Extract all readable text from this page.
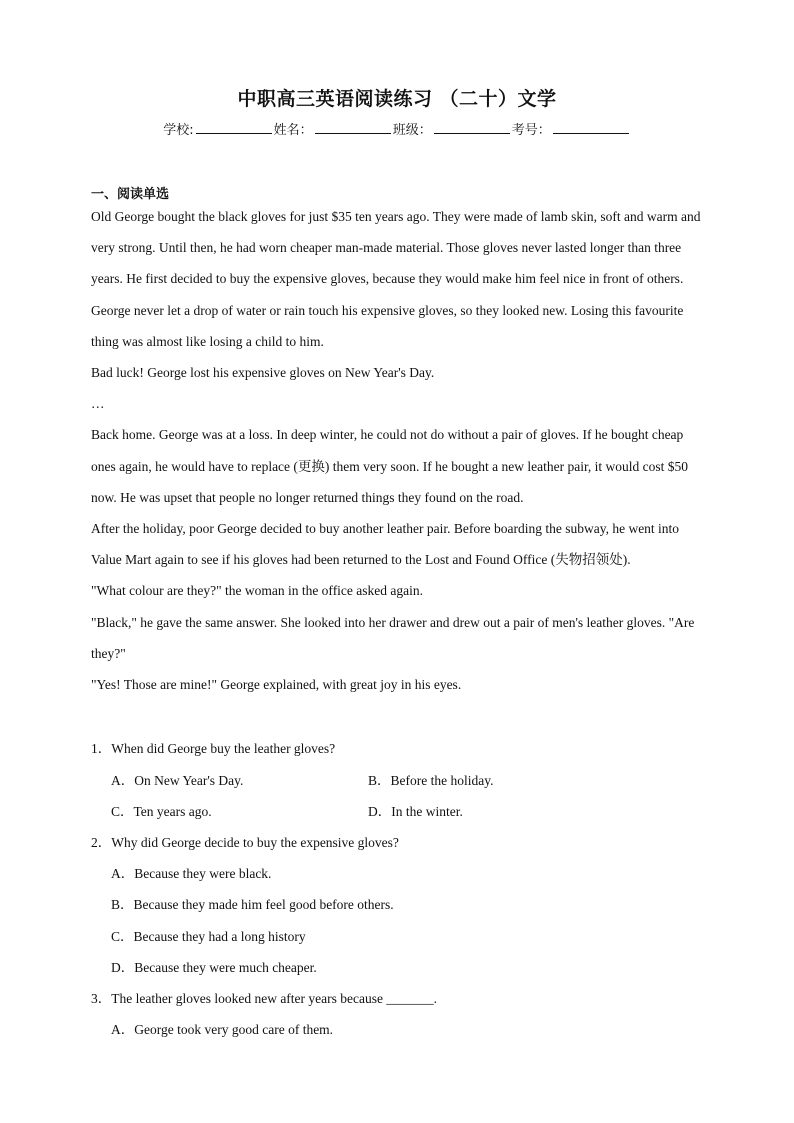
中职高三英语阅读练习 （二十）文学
学校:	姓名：	班级：	考号：
一、阅读单选

Old George bought the black gloves for just $35 ten years ago. They were made of lamb skin, soft and warm and very strong. Until then, he had worn cheaper man-made material. Those gloves never lasted longer than three years. He first decided to buy the expensive gloves, because they would make him feel nice in front of others.

George never let a drop of water or rain touch his expensive gloves, so they looked new. Losing this favourite thing was almost like losing a child to him.

Bad luck! George lost his expensive gloves on New Year's Day.

…

Back home. George was at a loss. In deep winter, he could not do without a pair of gloves. If he bought cheap ones again, he would have to replace (更换) them very soon. If he bought a new leather pair, it would cost $50 now. He was upset that people no longer returned things they found on the road.

After the holiday, poor George decided to buy another leather pair. Before boarding the subway, he went into Value Mart again to see if his gloves had been returned to the Lost and Found Office (失物招领处).

"What colour are they?" the woman in the office asked again.

"Black," he gave the same answer. She looked into her drawer and drew out a pair of men's leather gloves. "Are they?"

"Yes! Those are mine!" George explained, with great joy in his eyes.

1．When did George buy the leather gloves?
A．On New Year's Day.	B．Before the holiday.
C．Ten years ago.	D．In the winter.
2．Why did George decide to buy the expensive gloves?
A．Because they were black.
B．Because they made him feel good before others.
C．Because they had a long history
D．Because they were much cheaper.
3．The leather gloves looked new after years because _______.
A．George took very good care of them.
